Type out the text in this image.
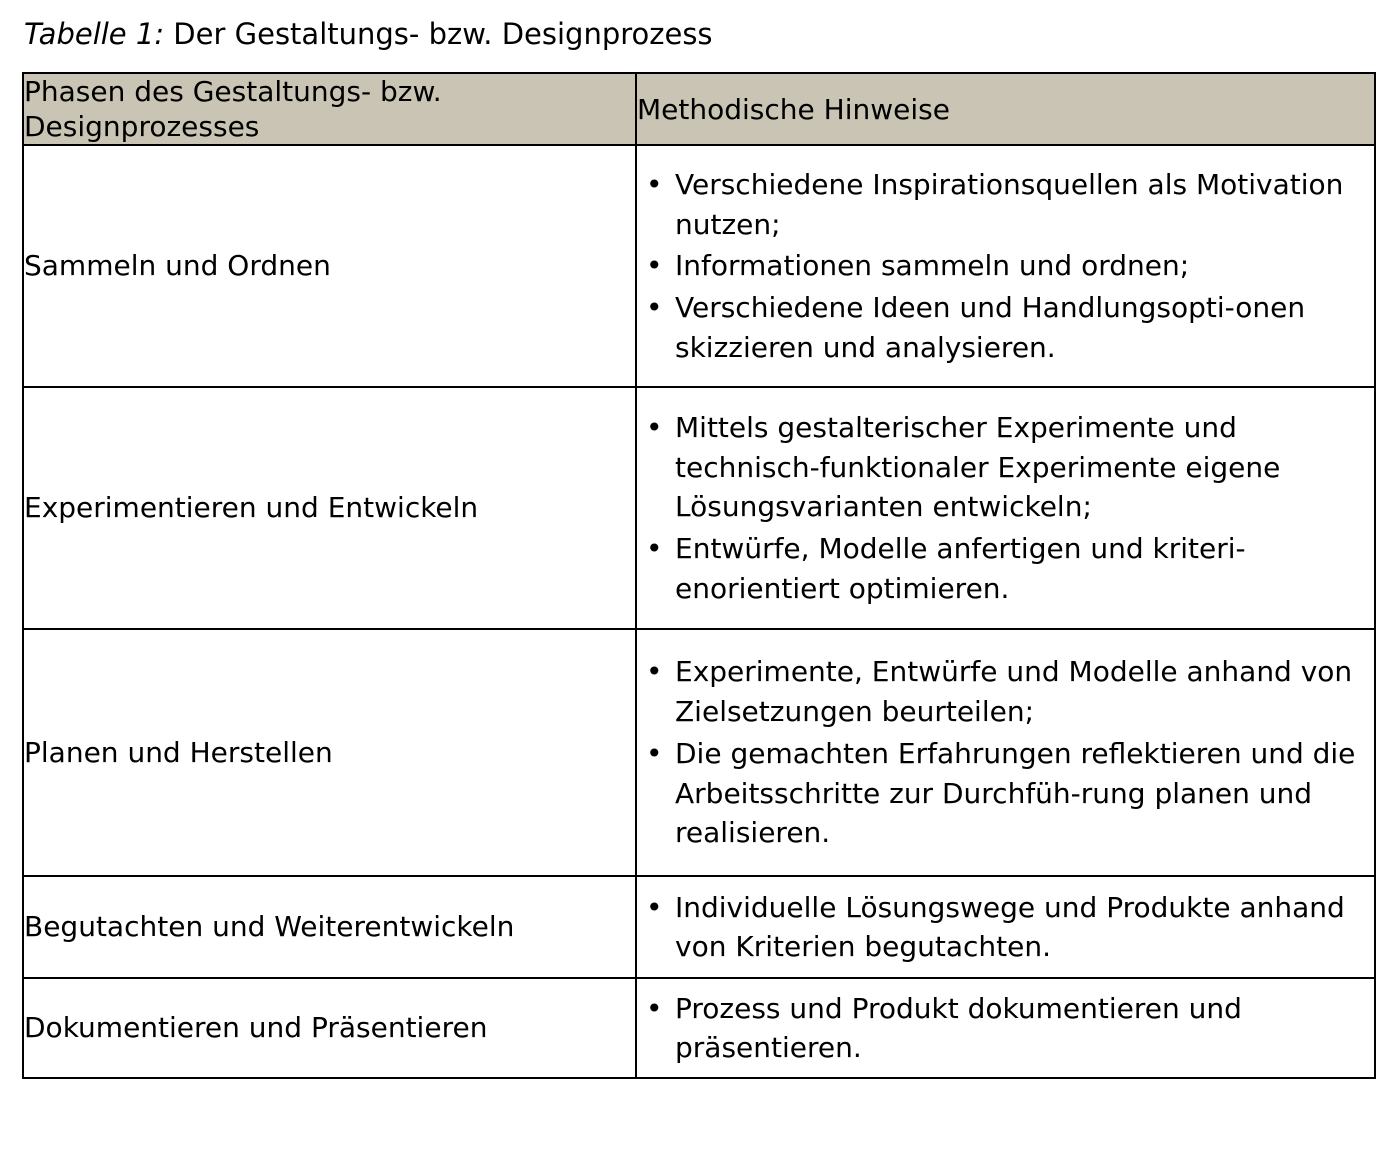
Tabelle 1: Der Gestaltungs- bzw. Designprozess
Phasen des Gestaltungs- bzw. Designprozesses	Methodische Hinweise
Sammeln und Ordnen	
• Verschiedene Inspirationsquellen als Motivation nutzen;
• Informationen sammeln und ordnen;
• Verschiedene Ideen und Handlungsopti-onen skizzieren und analysieren.

Experimentieren und Entwickeln	
• Mittels gestalterischer Experimente und technisch-funktionaler Experimente eigene Lösungsvarianten entwickeln;
• Entwürfe, Modelle anfertigen und kriteri-enorientiert optimieren.

Planen und Herstellen	
• Experimente, Entwürfe und Modelle anhand von Zielsetzungen beurteilen;
• Die gemachten Erfahrungen reflektieren und die Arbeitsschritte zur Durchfüh-rung planen und realisieren.

Begutachten und Weiterentwickeln	
• Individuelle Lösungswege und Produkte anhand von Kriterien begutachten.

Dokumentieren und Präsentieren	
• Prozess und Produkt dokumentieren und präsentieren.
